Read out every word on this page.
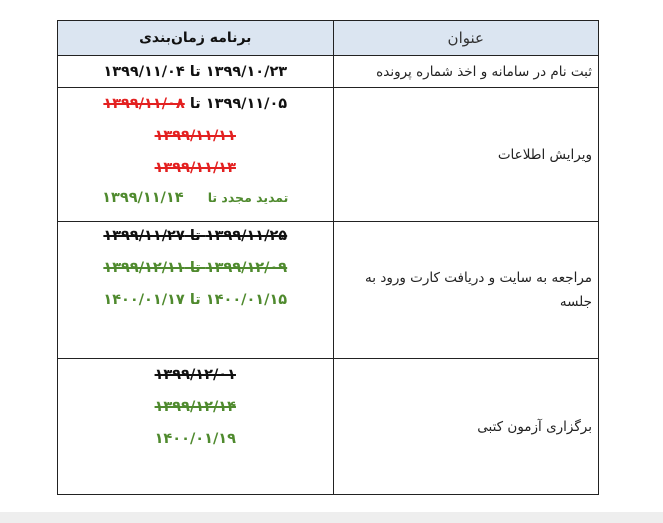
عنوان	برنامه زمان‌بندی
ثبت نام در سامانه و اخذ شماره پرونده	۱۳۹۹/۱۰/۲۳ تا ۱۳۹۹/۱۱/۰۴
ویرایش اطلاعات	۱۳۹۹/۱۱/۰۵ تا ۱۳۹۹/۱۱/۰۸
۱۳۹۹/۱۱/۱۱
۱۳۹۹/۱۱/۱۳
تمدید مجدد تا  ۱۳۹۹/۱۱/۱۴

مراجعه به سایت و دریافت کارت ورود به جلسه	۱۳۹۹/۱۱/۲۵ تا ۱۳۹۹/۱۱/۲۷
۱۳۹۹/۱۲/۰۹ تا ۱۳۹۹/۱۲/۱۱
۱۴۰۰/۰۱/۱۵ تا ۱۴۰۰/۰۱/۱۷

برگزاری آزمون کتبی	۱۳۹۹/۱۲/۰۱
۱۳۹۹/۱۲/۱۴
۱۴۰۰/۰۱/۱۹
